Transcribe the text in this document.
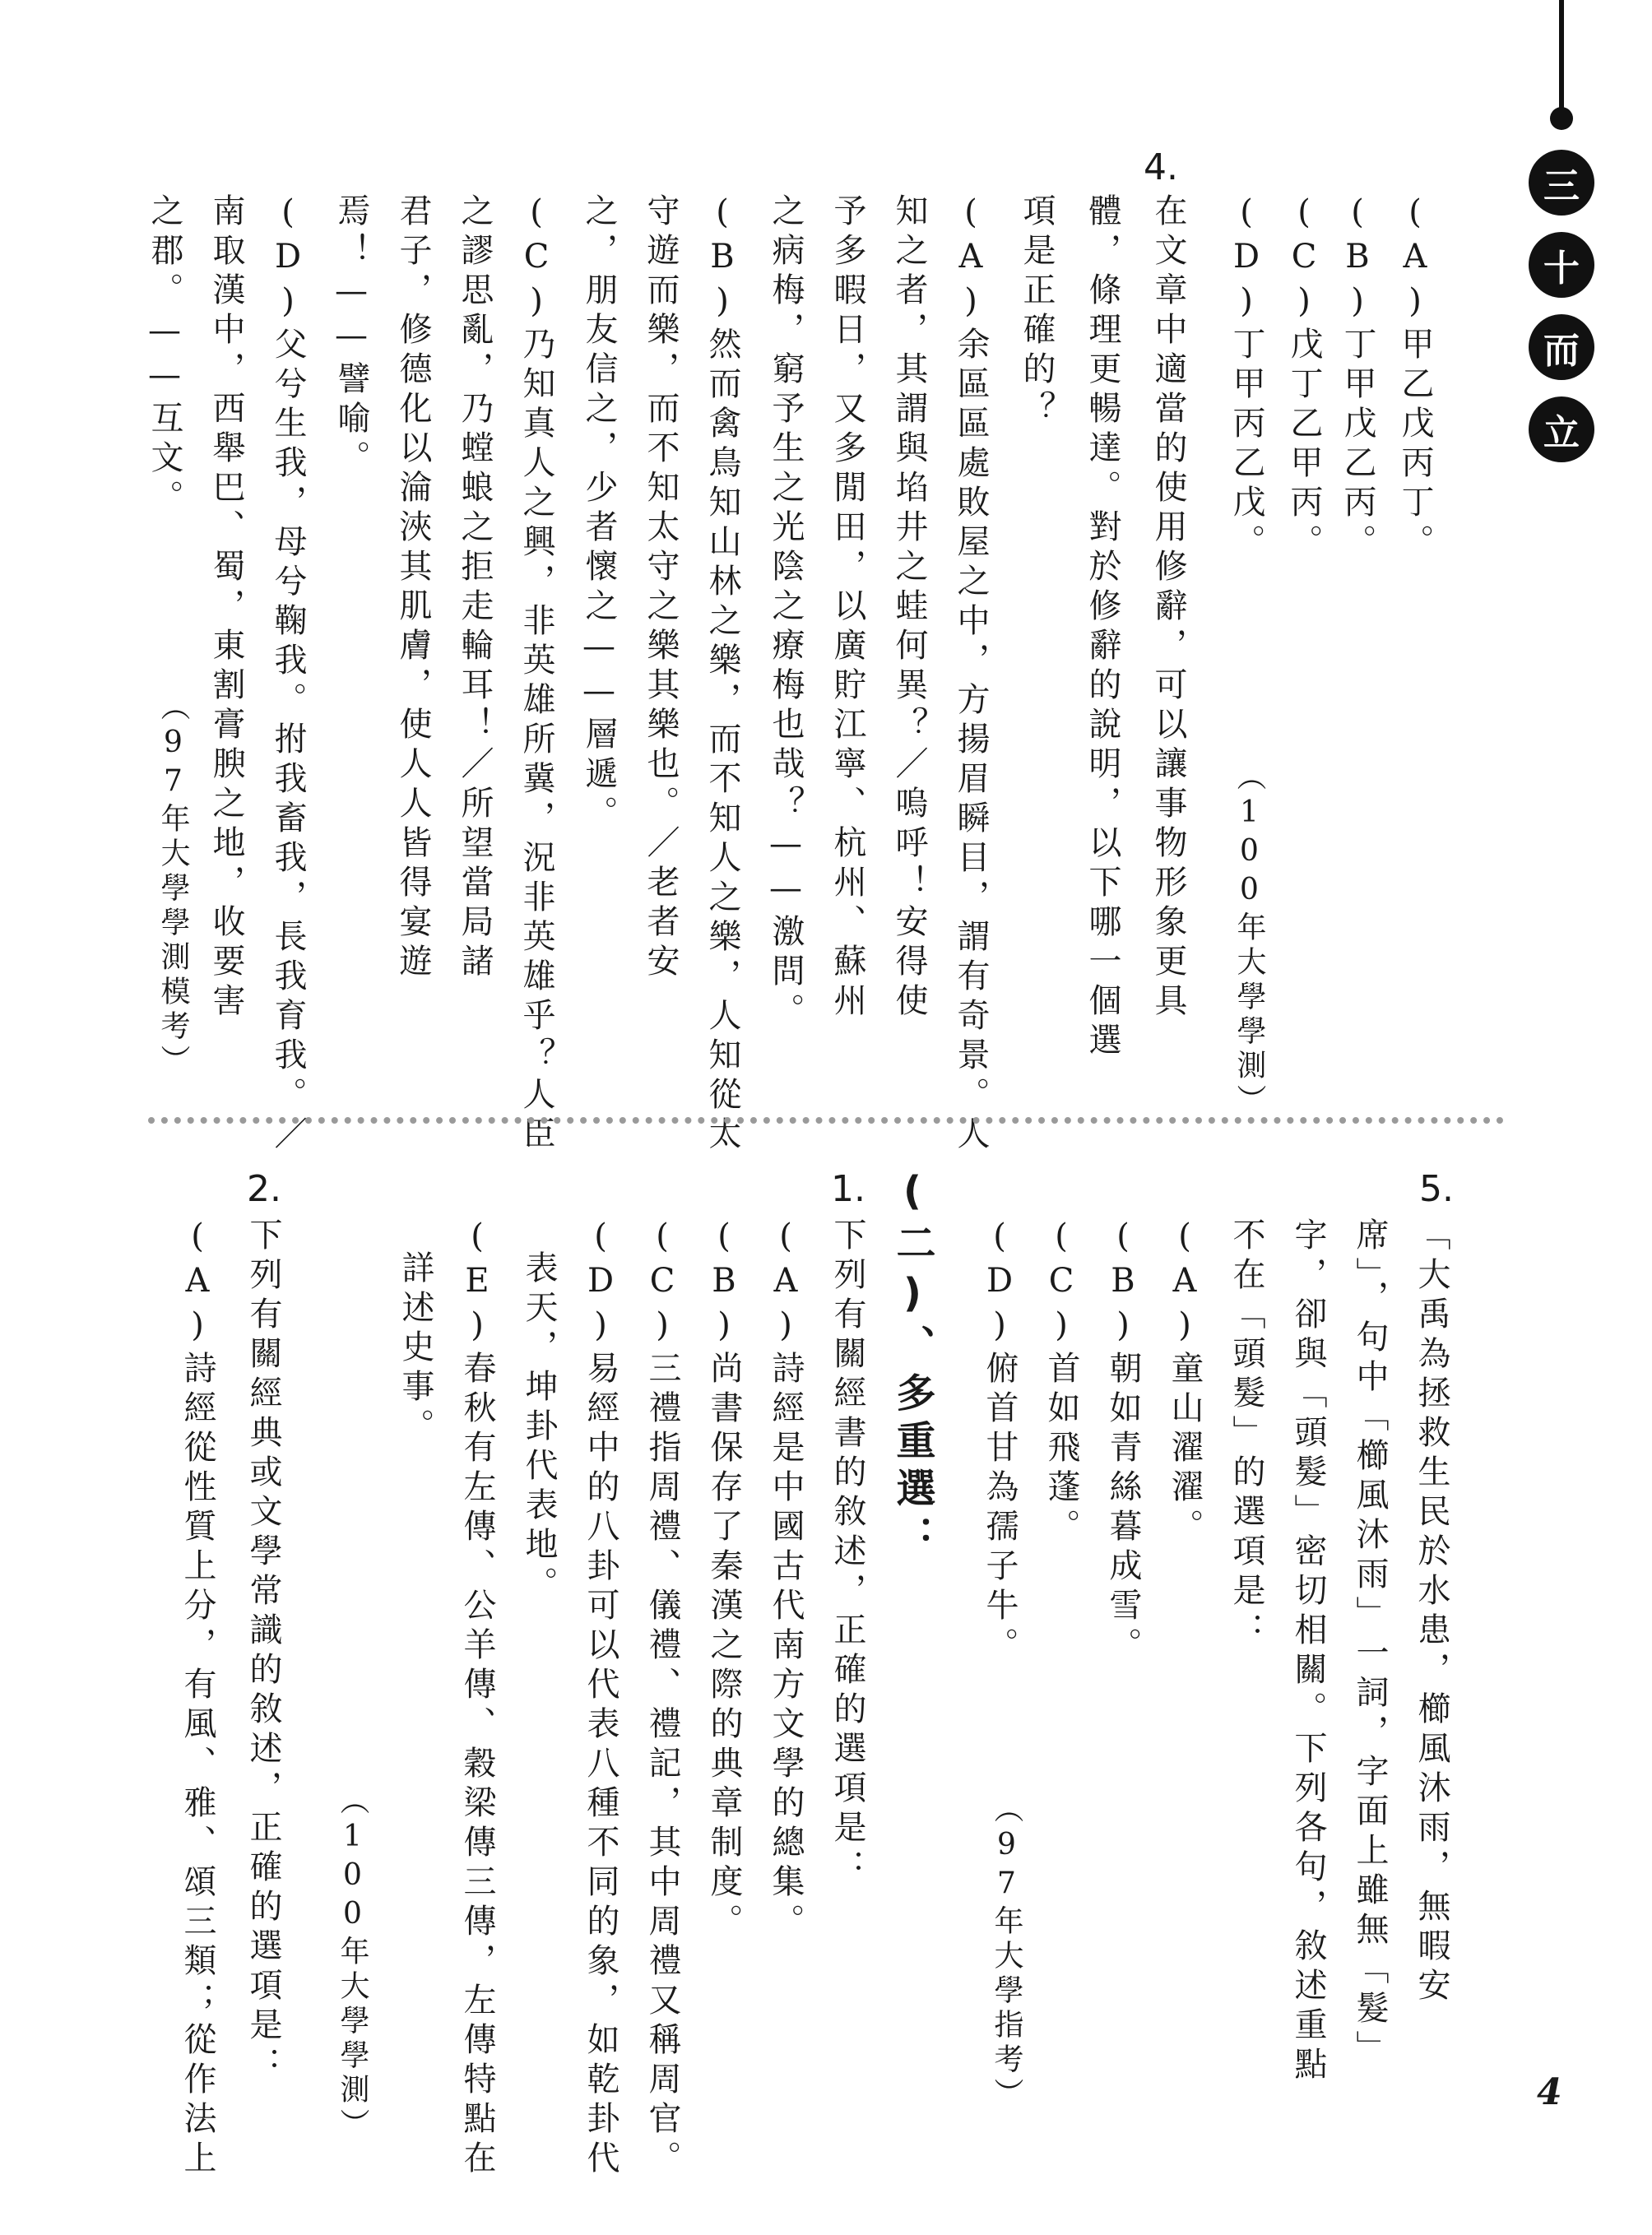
三
十
而
立
(A)甲乙戊丙丁。
(B)丁甲戊乙丙。
(C)戊丁乙甲丙。
(D)丁甲丙乙戊。
4.
在文章中適當的使用修辭，可以讓事物形象更具
體，條理更暢達。對於修辭的說明，以下哪一個選
項是正確的？
（100年大學學測）
(A)余區區處敗屋之中，方揚眉瞬目，謂有奇景。人
知之者，其謂與埳井之蛙何異？／嗚呼！安得使
予多暇日，又多閒田，以廣貯江寧、杭州、蘇州
之病梅，窮予生之光陰之療梅也哉？——激問。
(B)然而禽鳥知山林之樂，而不知人之樂，人知從太
守遊而樂，而不知太守之樂其樂也。／老者安
之，朋友信之，少者懷之——層遞。
(C)乃知真人之興，非英雄所冀，況非英雄乎？人臣
之謬思亂，乃螳蜋之拒走輪耳！／所望當局諸
君子，修德化以淪浹其肌膚，使人人皆得宴遊
焉！——譬喻。
(D)父兮生我，母兮鞠我。拊我畜我，長我育我。／
南取漢中，西舉巴、蜀，東割膏腴之地，收要害
之郡。——互文。
（97年大學學測模考）
5.
「大禹為拯救生民於水患，櫛風沐雨，無暇安
席」，句中「櫛風沐雨」一詞，字面上雖無「髮」
字，卻與「頭髮」密切相關。下列各句，敘述重點
不在「頭髮」的選項是：
(A)童山濯濯。
(B)朝如青絲暮成雪。
(C)首如飛蓬。
(D)俯首甘為孺子牛。
（97年大學指考）
(二)、多重選：
1.
下列有關經書的敘述，正確的選項是：
(A)詩經是中國古代南方文學的總集。
(B)尚書保存了秦漢之際的典章制度。
(C)三禮指周禮、儀禮、禮記，其中周禮又稱周官。
(D)易經中的八卦可以代表八種不同的象，如乾卦代
表天，坤卦代表地。
(E)春秋有左傳、公羊傳、穀梁傳三傳，左傳特點在
詳述史事。
（100年大學學測）
2.
下列有關經典或文學常識的敘述，正確的選項是：
(A)詩經從性質上分，有風、雅、頌三類；從作法上	4
